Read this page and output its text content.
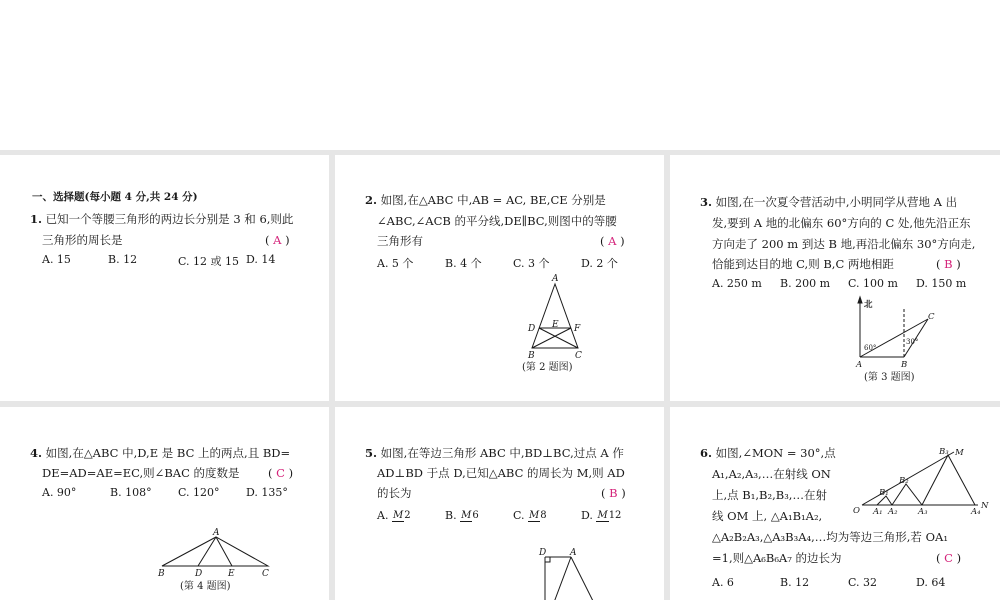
一、选择题(每小题 4 分,共 24 分)
1. 已知一个等腰三角形的两边长分别是 3 和 6,则此
三角形的周长是	( A )
A. 15	B. 12	C. 12 或 15 D. 14
2. 如图,在△ABC 中,AB = AC, BE,CE 分别是
∠ABC,∠ACB 的平分线,DE∥BC,则图中的等腰
三角形有	( A )
A. 5 个	B. 4 个	C. 3 个	D. 2 个
A
B	C
D E F
(第 2 题图)
3. 如图,在一次夏令营活动中,小明同学从营地 A 出
发,要到 A 地的北偏东 60°方向的 C 处,他先沿正东
方向走了 200 m 到达 B 地,再沿北偏东 30°方向走,
恰能到达目的地 C,则 B,C 两地相距	( B )
A. 250 m	B. 200 m	C. 100 m	D. 150 m
北
60°
30°
A	B
C
(第 3 题图)
4. 如图,在△ABC 中,D,E 是 BC 上的两点,且 BD=
DE=AD=AE=EC,则∠BAC 的度数是 ( C )
A. 90°	B. 108°	C. 120°	D. 135°
A
B	D	E	C
(第 4 题图)
5. 如图,在等边三角形 ABC 中,BD⊥BC,过点 A 作
AD⊥BD 于点 D,已知△ABC 的周长为 M,则 AD
的长为	( B )
A. M2	B. M6	C. M8	D. M12
D	A
6. 如图,∠MON = 30°,点
A₁,A₂,A₃,…在射线 ON
上,点 B₁,B₂,B₃,…在射
线 OM 上, △A₁B₁A₂,
△A₂B₂A₃,△A₃B₃A₄,…均为等边三角形,若 OA₁
=1,则△A₆B₆A₇ 的边长为	( C )
A. 6	B. 12	C. 32	D. 64
O	N
M
A₁ A₂ A₃	A₄
B₁
B₂
B₃
